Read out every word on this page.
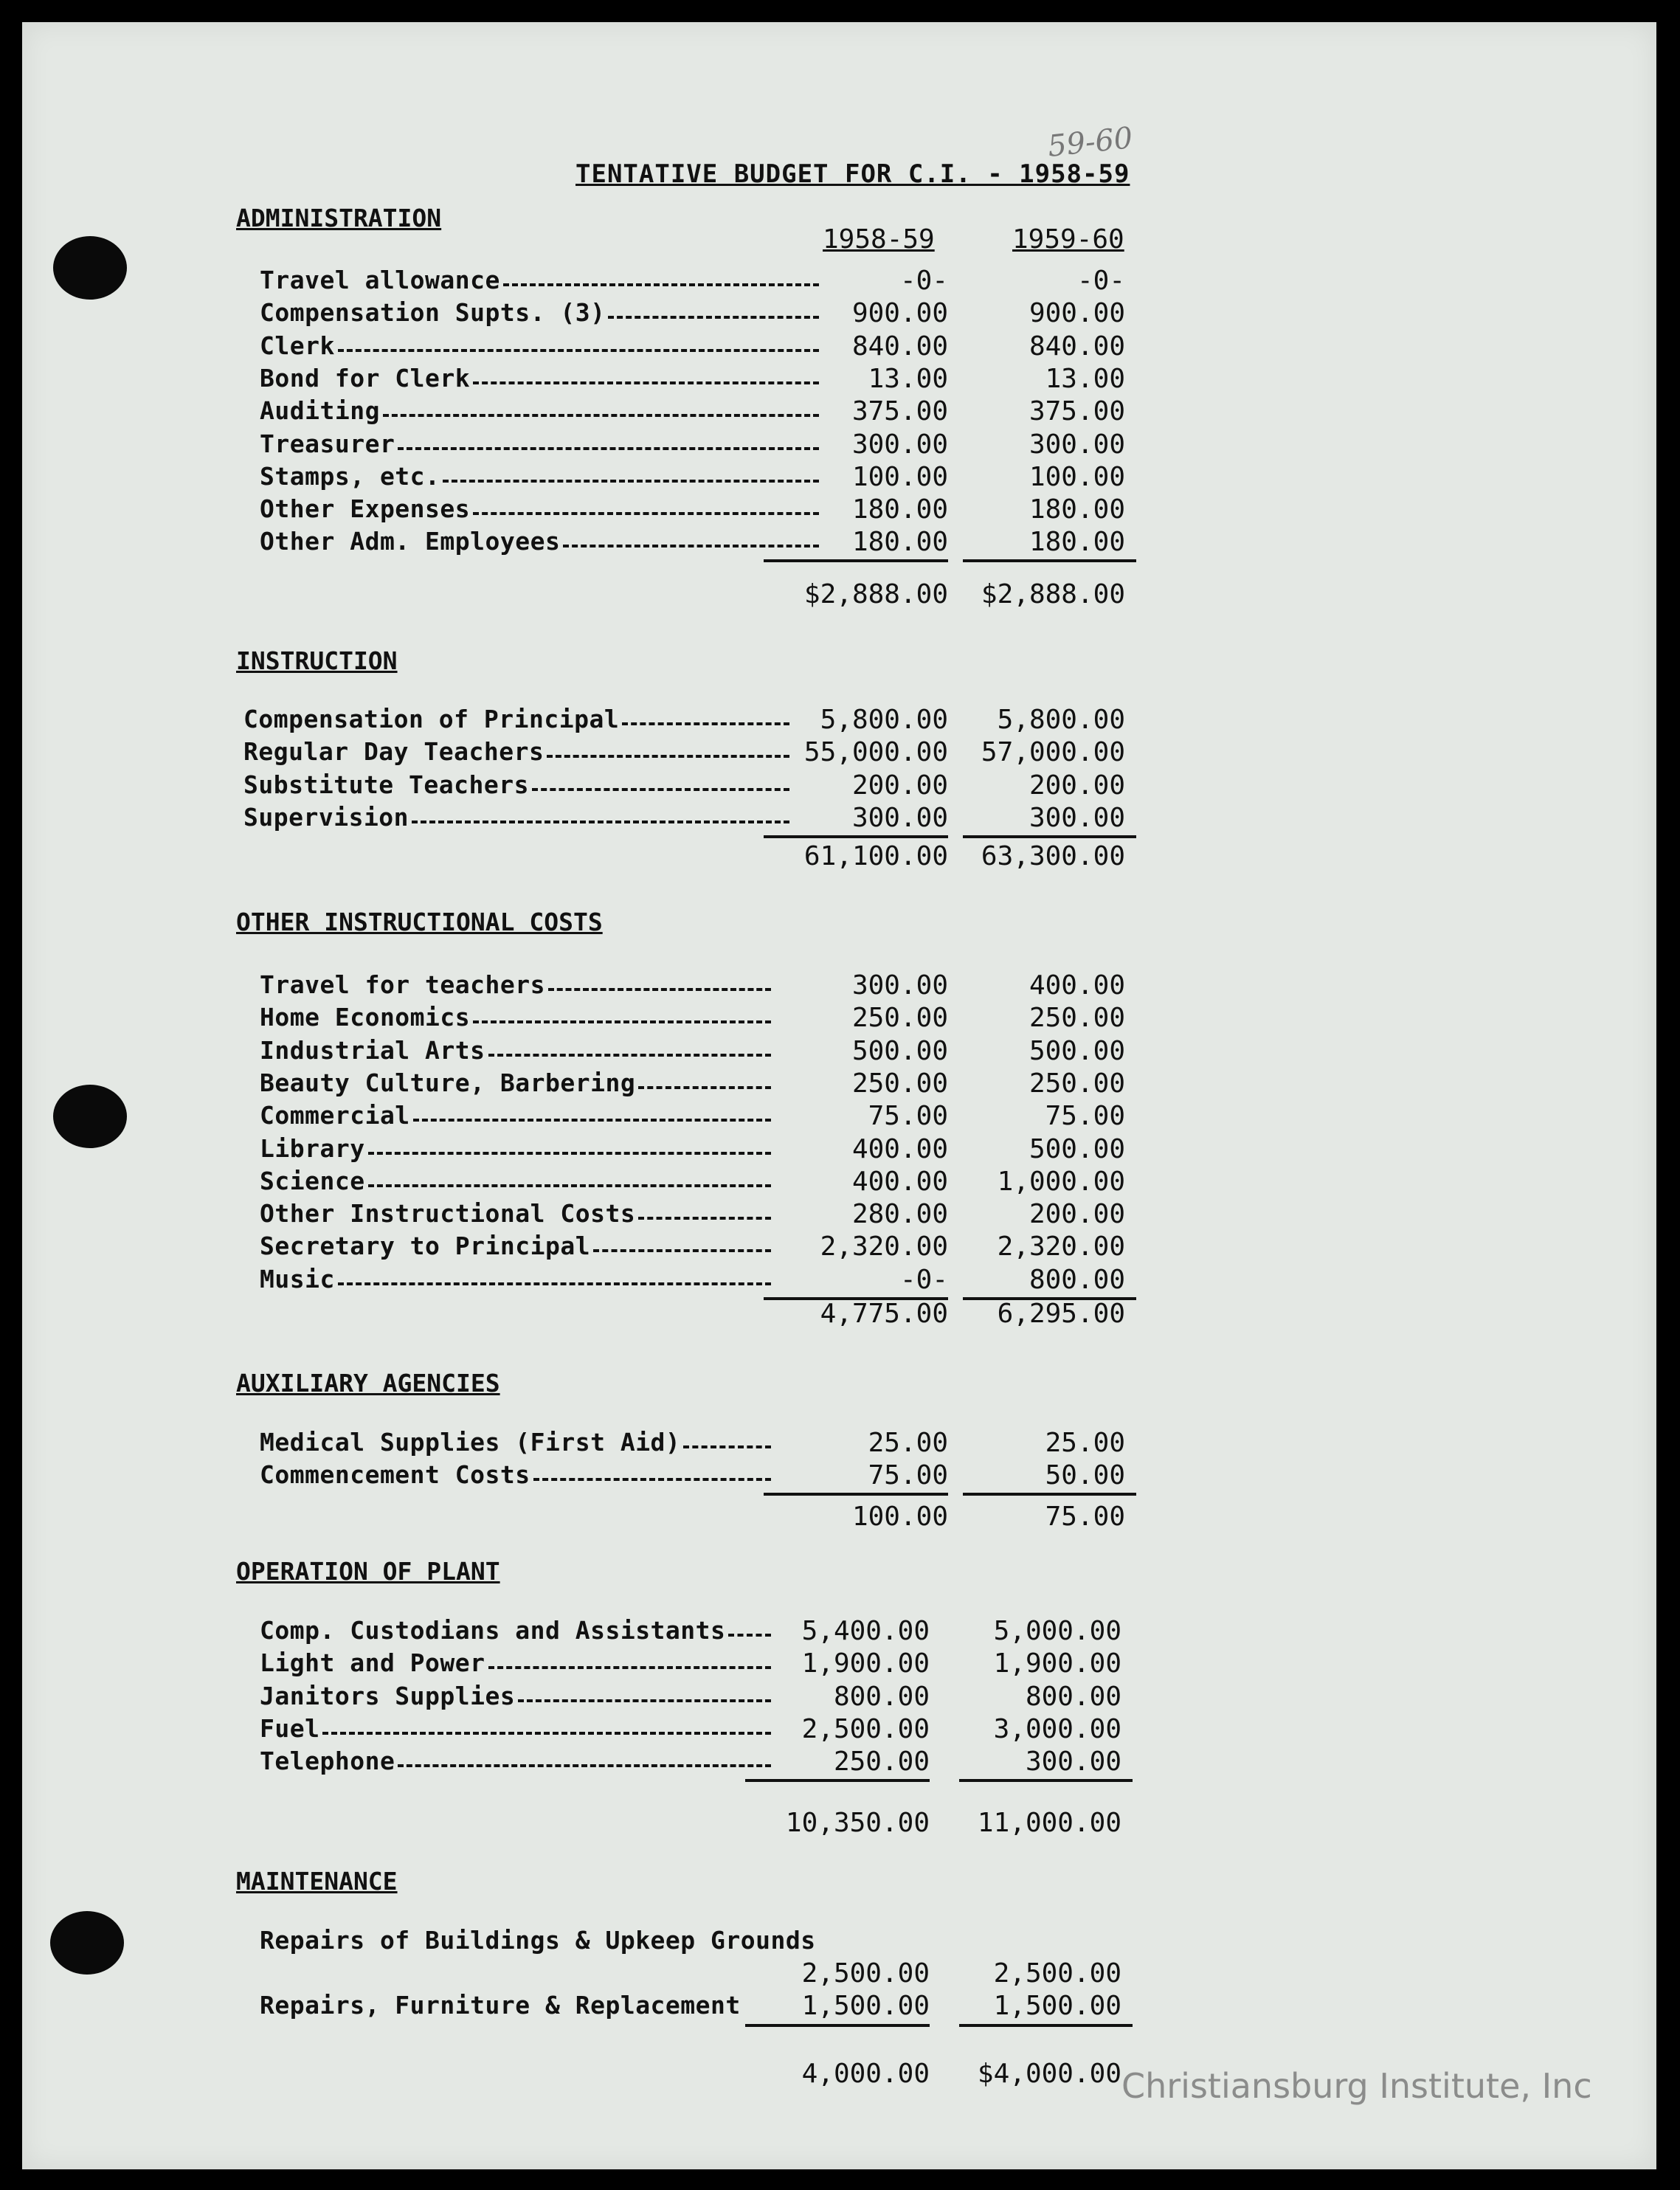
59-60
TENTATIVE BUDGET FOR C.I. - 1958-59
1958-59	1959-60
ADMINISTRATION
Travel allowance	-0-	-0-
Compensation Supts. (3)	900.00	900.00
Clerk	840.00	840.00
Bond for Clerk	13.00	13.00
Auditing	375.00	375.00
Treasurer	300.00	300.00
Stamps, etc.	100.00	100.00
Other Expenses	180.00	180.00
Other Adm. Employees	180.00	180.00
$2,888.00	$2,888.00
INSTRUCTION
Compensation of Principal	5,800.00	5,800.00
Regular Day Teachers	55,000.00	57,000.00
Substitute Teachers	200.00	200.00
Supervision	300.00	300.00
61,100.00	63,300.00
OTHER INSTRUCTIONAL COSTS
Travel for teachers	300.00	400.00
Home Economics	250.00	250.00
Industrial Arts	500.00	500.00
Beauty Culture, Barbering	250.00	250.00
Commercial	75.00	75.00
Library	400.00	500.00
Science	400.00	1,000.00
Other Instructional Costs	280.00	200.00
Secretary to Principal	2,320.00	2,320.00
Music	-0-	800.00
4,775.00	6,295.00
AUXILIARY AGENCIES
Medical Supplies (First Aid)	25.00	25.00
Commencement Costs	75.00	50.00
100.00	75.00
OPERATION OF PLANT
Comp. Custodians and Assistants	5,400.00	5,000.00
Light and Power	1,900.00	1,900.00
Janitors Supplies	800.00	800.00
Fuel	2,500.00	3,000.00
Telephone	250.00	300.00
10,350.00	11,000.00
MAINTENANCE
Repairs of Buildings & Upkeep Grounds
2,500.00	2,500.00
Repairs, Furniture & Replacement	1,500.00	1,500.00
4,000.00	$4,000.00 Christiansburg Institute, Inc
